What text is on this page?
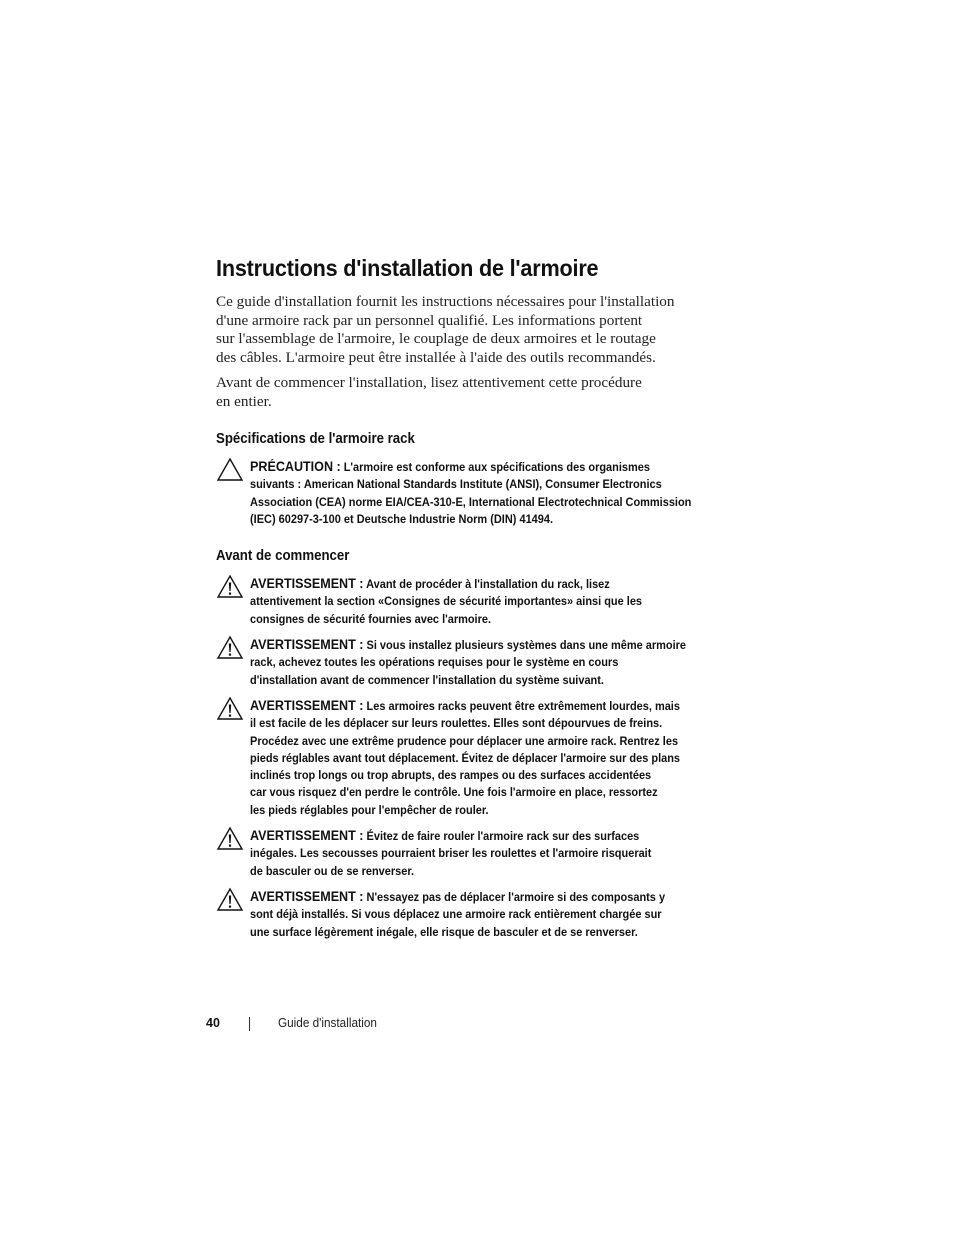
Instructions d'installation de l'armoire

Ce guide d'installation fournit les instructions nécessaires pour l'installation
d'une armoire rack par un personnel qualifié. Les informations portent
sur l'assemblage de l'armoire, le couplage de deux armoires et le routage
des câbles. L'armoire peut être installée à l'aide des outils recommandés.

Avant de commencer l'installation, lisez attentivement cette procédure
en entier.

Spécifications de l'armoire rack

PRÉCAUTION : L'armoire est conforme aux spécifications des organismes
suivants : American National Standards Institute (ANSI), Consumer Electronics
Association (CEA) norme EIA/CEA-310-E, International Electrotechnical Commission
(IEC) 60297-3-100 et Deutsche Industrie Norm (DIN) 41494.

Avant de commencer

AVERTISSEMENT : Avant de procéder à l'installation du rack, lisez
attentivement la section «Consignes de sécurité importantes» ainsi que les
consignes de sécurité fournies avec l'armoire.

AVERTISSEMENT : Si vous installez plusieurs systèmes dans une même armoire
rack, achevez toutes les opérations requises pour le système en cours
d'installation avant de commencer l'installation du système suivant.

AVERTISSEMENT : Les armoires racks peuvent être extrêmement lourdes, mais
il est facile de les déplacer sur leurs roulettes. Elles sont dépourvues de freins.
Procédez avec une extrême prudence pour déplacer une armoire rack. Rentrez les
pieds réglables avant tout déplacement. Évitez de déplacer l'armoire sur des plans
inclinés trop longs ou trop abrupts, des rampes ou des surfaces accidentées
car vous risquez d'en perdre le contrôle. Une fois l'armoire en place, ressortez
les pieds réglables pour l'empêcher de rouler.

AVERTISSEMENT : Évitez de faire rouler l'armoire rack sur des surfaces
inégales. Les secousses pourraient briser les roulettes et l'armoire risquerait
de basculer ou de se renverser.

AVERTISSEMENT : N'essayez pas de déplacer l'armoire si des composants y
sont déjà installés. Si vous déplacez une armoire rack entièrement chargée sur
une surface légèrement inégale, elle risque de basculer et de se renverser.

40	Guide d'installation
